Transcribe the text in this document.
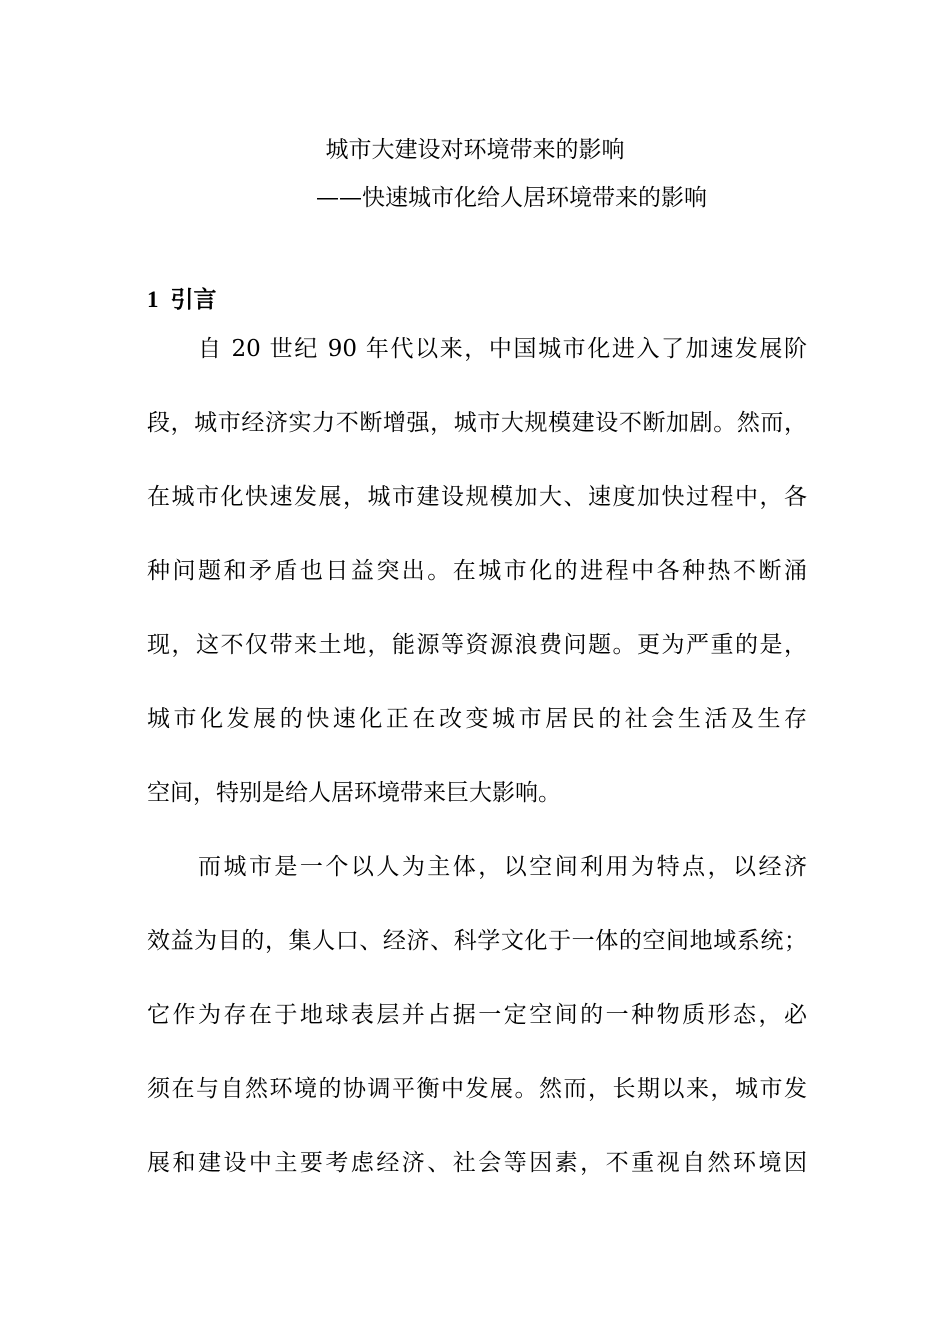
城市大建设对环境带来的影响
——快速城市化给人居环境带来的影响
1 引言
自 20 世纪 90 年代以来，中国城市化进入了加速发展阶
段，城市经济实力不断增强，城市大规模建设不断加剧。然而，
在城市化快速发展，城市建设规模加大、速度加快过程中，各
种问题和矛盾也日益突出。在城市化的进程中各种热不断涌
现，这不仅带来土地，能源等资源浪费问题。更为严重的是，
城市化发展的快速化正在改变城市居民的社会生活及生存
空间，特别是给人居环境带来巨大影响。
而城市是一个以人为主体，以空间利用为特点，以经济
效益为目的，集人口、经济、科学文化于一体的空间地域系统；
它作为存在于地球表层并占据一定空间的一种物质形态，必
须在与自然环境的协调平衡中发展。然而，长期以来，城市发
展和建设中主要考虑经济、社会等因素，不重视自然环境因
